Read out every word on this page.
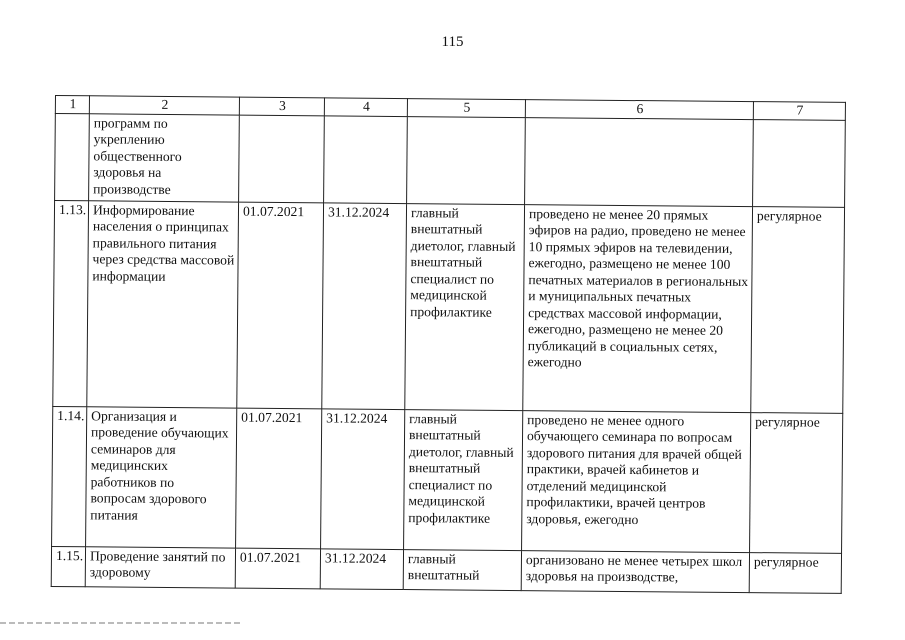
115
1	2	3	4	5	6	7
	программ по укреплению общественного здоровья на производстве					
1.13.	Информирование населения о принципах правильного питания через средства массовой информации	01.07.2021	31.12.2024	главный внештатный диетолог, главный внештатный специалист по медицинской профилактике	проведено не менее 20 прямых эфиров на радио, проведено не менее 10 прямых эфиров на телевидении, ежегодно, размещено не менее 100 печатных материалов в региональных и муниципальных печатных средствах массовой информации, ежегодно, размещено не менее 20 публикаций в социальных сетях, ежегодно	регулярное
1.14.	Организация и проведение обучающих семинаров для медицинских работников по вопросам здорового питания	01.07.2021	31.12.2024	главный внештатный диетолог, главный внештатный специалист по медицинской профилактике	проведено не менее одного обучающего семинара по вопросам здорового питания для врачей общей практики, врачей кабинетов и отделений медицинской профилактики, врачей центров здоровья, ежегодно	регулярное
1.15.	Проведение занятий по здоровому	01.07.2021	31.12.2024	главный внештатный	организовано не менее четырех школ здоровья на производстве,	регулярное
